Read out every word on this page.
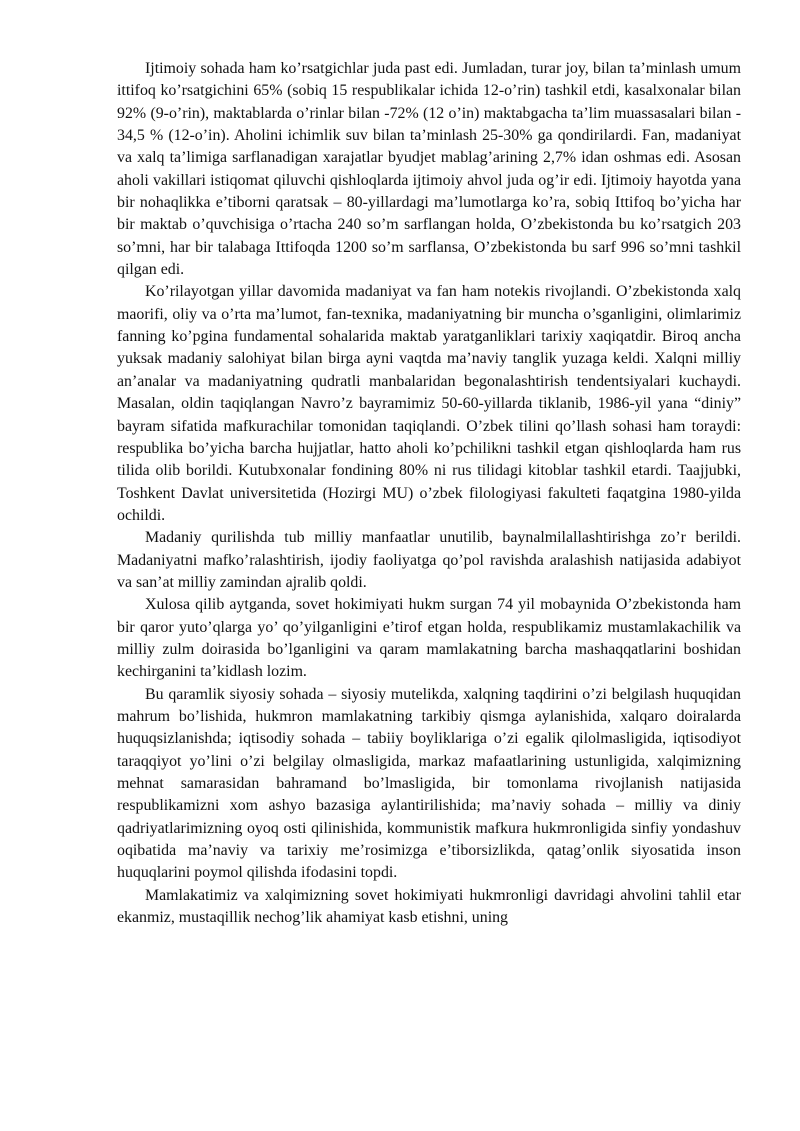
Ijtimoiy sohada ham ko’rsatgichlar juda past edi. Jumladan, turar joy, bilan ta’minlash umum ittifoq ko’rsatgichini 65% (sobiq 15 respublikalar ichida 12-o’rin) tashkil etdi, kasalxonalar bilan 92% (9-o’rin), maktablarda o’rinlar bilan -72% (12 o’in) maktabgacha ta’lim muassasalari bilan - 34,5 % (12-o’in). Aholini ichimlik suv bilan ta’minlash 25-30% ga qondirilardi. Fan, madaniyat va xalq ta’limiga sarflanadigan xarajatlar byudjet mablag’arining 2,7% idan oshmas edi. Asosan aholi vakillari istiqomat qiluvchi qishloqlarda ijtimoiy ahvol juda og’ir edi. Ijtimoiy hayotda yana bir nohaqlikka e’tiborni qaratsak – 80-yillardagi ma’lumotlarga ko’ra, sobiq Ittifoq bo’yicha har bir maktab o’quvchisiga o’rtacha 240 so’m sarflangan holda, O’zbekistonda bu ko’rsatgich 203 so’mni, har bir talabaga Ittifoqda 1200 so’m sarflansa, O’zbekistonda bu sarf 996 so’mni tashkil qilgan edi.

Ko’rilayotgan yillar davomida madaniyat va fan ham notekis rivojlandi. O’zbekistonda xalq maorifi, oliy va o’rta ma’lumot, fan-texnika, madaniyatning bir muncha o’sganligini, olimlarimiz fanning ko’pgina fundamental sohalarida maktab yaratganliklari tarixiy xaqiqatdir. Biroq ancha yuksak madaniy salohiyat bilan birga ayni vaqtda ma’naviy tanglik yuzaga keldi. Xalqni milliy an’analar va madaniyatning qudratli manbalaridan begonalashtirish tendentsiyalari kuchaydi. Masalan, oldin taqiqlangan Navro’z bayramimiz 50-60-yillarda tiklanib, 1986-yil yana “diniy” bayram sifatida mafkurachilar tomonidan taqiqlandi. O’zbek tilini qo’llash sohasi ham toraydi: respublika bo’yicha barcha hujjatlar, hatto aholi ko’pchilikni tashkil etgan qishloqlarda ham rus tilida olib borildi. Kutubxonalar fondining 80% ni rus tilidagi kitoblar tashkil etardi. Taajjubki, Toshkent Davlat universitetida (Hozirgi MU) o’zbek filologiyasi fakulteti faqatgina 1980-yilda ochildi.

Madaniy qurilishda tub milliy manfaatlar unutilib, baynalmilallashtirishga zo’r berildi. Madaniyatni mafko’ralashtirish, ijodiy faoliyatga qo’pol ravishda aralashish natijasida adabiyot va san’at milliy zamindan ajralib qoldi.

Xulosa qilib aytganda, sovet hokimiyati hukm surgan 74 yil mobaynida O’zbekistonda ham bir qaror yuto’qlarga yo’ qo’yilganligini e’tirof etgan holda, respublikamiz mustamlakachilik va milliy zulm doirasida bo’lganligini va qaram mamlakatning barcha mashaqqatlarini boshidan kechirganini ta’kidlash lozim.

Bu qaramlik siyosiy sohada – siyosiy mutelikda, xalqning taqdirini o’zi belgilash huquqidan mahrum bo’lishida, hukmron mamlakatning tarkibiy qismga aylanishida, xalqaro doiralarda huquqsizlanishda; iqtisodiy sohada – tabiiy boyliklariga o’zi egalik qilolmasligida, iqtisodiyot taraqqiyot yo’lini o’zi belgilay olmasligida, markaz mafaatlarining ustunligida, xalqimizning mehnat samarasidan bahramand bo’lmasligida, bir tomonlama rivojlanish natijasida respublikamizni xom ashyo bazasiga aylantirilishida; ma’naviy sohada – milliy va diniy qadriyatlarimizning oyoq osti qilinishida, kommunistik mafkura hukmronligida sinfiy yondashuv oqibatida ma’naviy va tarixiy me’rosimizga e’tiborsizlikda, qatag’onlik siyosatida inson huquqlarini poymol qilishda ifodasini topdi.

Mamlakatimiz va xalqimizning sovet hokimiyati hukmronligi davridagi ahvolini tahlil etar ekanmiz, mustaqillik nechog’lik ahamiyat kasb etishni, uning
